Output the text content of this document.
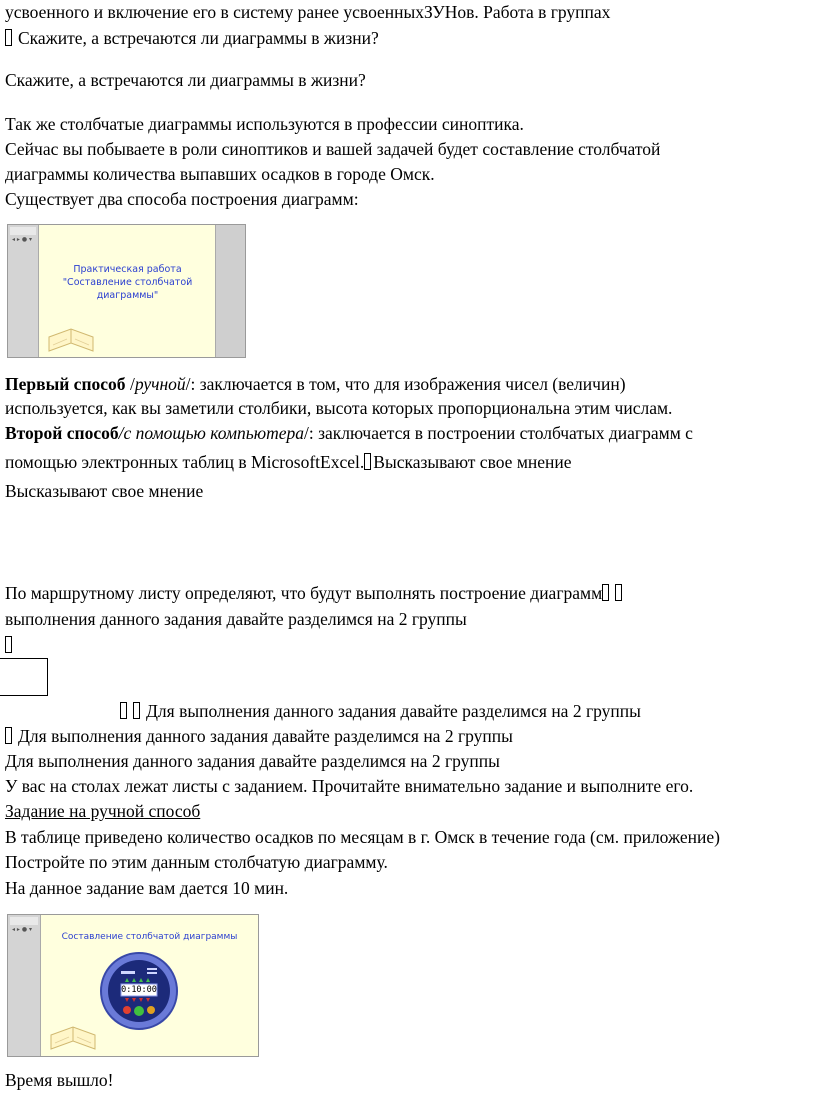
усвоенного и включение его в систему ранее усвоенныхЗУНов. Работа в группах
Скажите, а встречаются ли диаграммы в жизни?
Скажите, а встречаются ли диаграммы в жизни?
Так же столбчатые диаграммы используются в профессии синоптика.
Сейчас вы побываете в роли синоптиков и вашей задачей будет составление столбчатой
диаграммы количества выпавших осадков в городе Омск.
Существует два способа построения диаграмм:
◂ ▸ ● ▾
Практическая работа
"Составление столбчатой
диаграммы"
Первый способ /ручной/: заключается в том, что для изображения чисел (величин)
используется, как вы заметили столбики, высота которых пропорциональна этим числам.
Второй способ/с помощью компьютера/: заключается в построении столбчатых диаграмм с
помощью электронных таблиц в MicrosoftExcel. Высказывают свое мнение
Высказывают свое мнение
По маршрутному листу определяют, что будут выполнять построение диаграмм
выполнения данного задания давайте разделимся на 2 группы
Для выполнения данного задания давайте разделимся на 2 группы
Для выполнения данного задания давайте разделимся на 2 группы
Для выполнения данного задания давайте разделимся на 2 группы
У вас на столах лежат листы с заданием. Прочитайте внимательно задание и выполните его.
Задание на ручной способ
В таблице приведено количество осадков по месяцам в г. Омск в течение года (см. приложение)
Постройте по этим данным столбчатую диаграмму.
На данное задание вам дается 10 мин.
◂ ▸ ● ▾
Составление столбчатой диаграммы
0:10:00
Время вышло!
